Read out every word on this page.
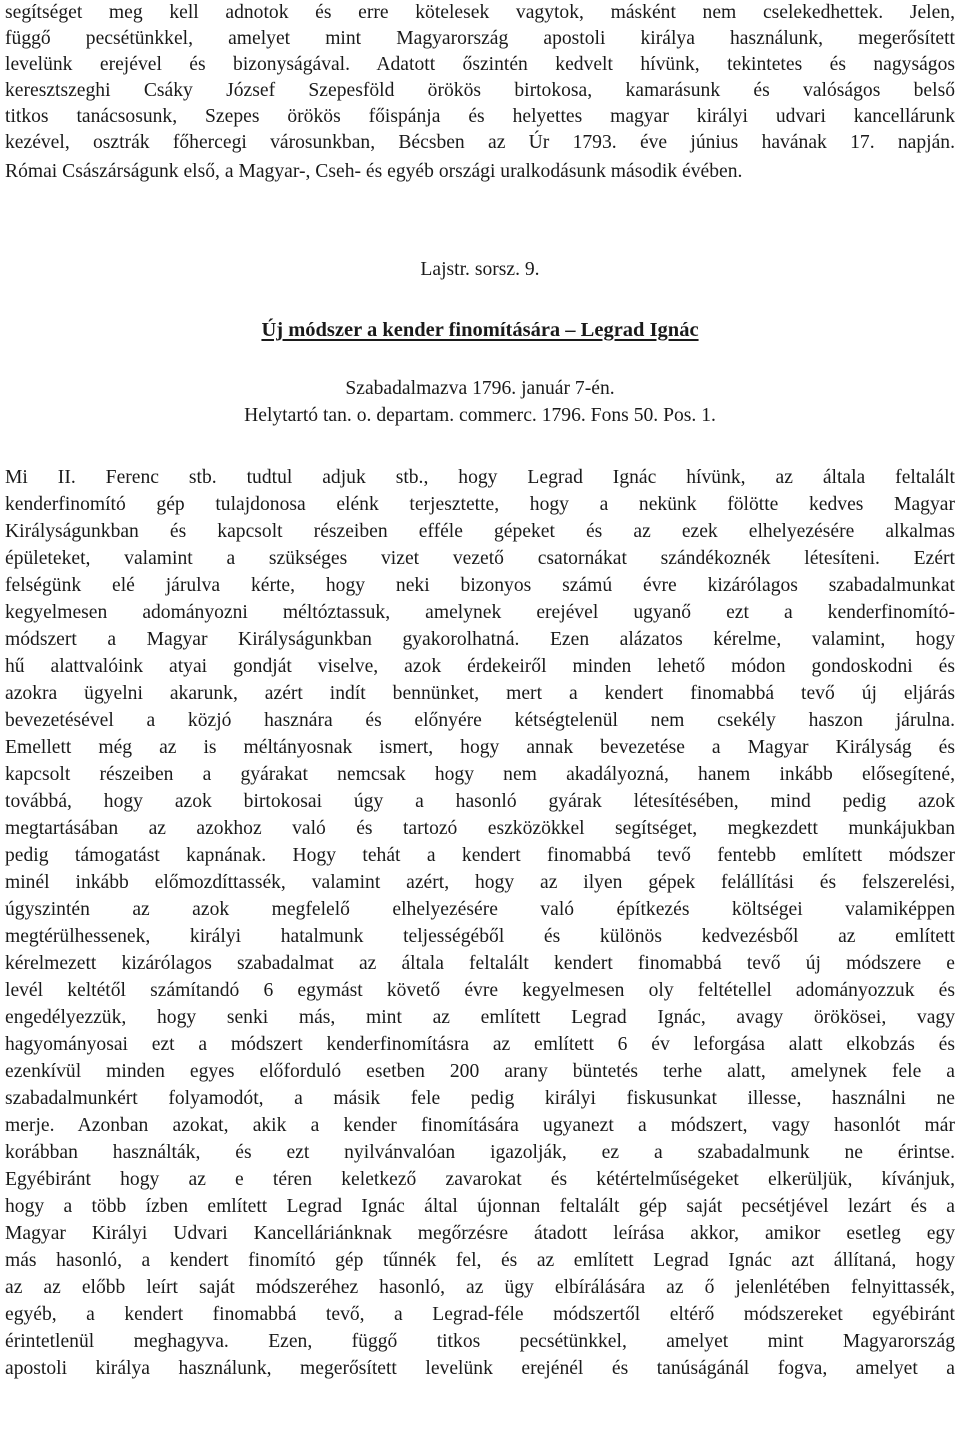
segítséget meg kell adnotok és erre kötelesek vagytok, másként nem cselekedhettek. Jelen,
függő pecsétünkkel, amelyet mint Magyarország apostoli királya használunk, megerősített
levelünk erejével és bizonyságával. Adatott őszintén kedvelt hívünk, tekintetes és nagyságos
keresztszeghi Csáky József Szepesföld örökös birtokosa, kamarásunk és valóságos belső
titkos tanácsosunk, Szepes örökös főispánja és helyettes magyar királyi udvari kancellárunk
kezével, osztrák főhercegi városunkban, Bécsben az Úr 1793. éve június havának 17. napján.
Római Császárságunk első, a Magyar-, Cseh- és egyéb országi uralkodásunk második évében.
Lajstr. sorsz. 9.
Új módszer a kender finomítására – Legrad Ignác
Szabadalmazva 1796. január 7-én.
Helytartó tan. o. departam. commerc. 1796. Fons 50. Pos. 1.
Mi II. Ferenc stb. tudtul adjuk stb., hogy Legrad Ignác hívünk, az általa feltalált
kenderfinomító gép tulajdonosa elénk terjesztette, hogy a nekünk fölötte kedves Magyar
Királyságunkban és kapcsolt részeiben efféle gépeket és az ezek elhelyezésére alkalmas
épületeket, valamint a szükséges vizet vezető csatornákat szándékoznék létesíteni. Ezért
felségünk elé járulva kérte, hogy neki bizonyos számú évre kizárólagos szabadalmunkat
kegyelmesen adományozni méltóztassuk, amelynek erejével ugyanő ezt a kenderfinomító-
módszert a Magyar Királyságunkban gyakorolhatná. Ezen alázatos kérelme, valamint, hogy
hű alattvalóink atyai gondját viselve, azok érdekeiről minden lehető módon gondoskodni és
azokra ügyelni akarunk, azért indít bennünket, mert a kendert finomabbá tevő új eljárás
bevezetésével a közjó hasznára és előnyére kétségtelenül nem csekély haszon járulna.
Emellett még az is méltányosnak ismert, hogy annak bevezetése a Magyar Királyság és
kapcsolt részeiben a gyárakat nemcsak hogy nem akadályozná, hanem inkább elősegítené,
továbbá, hogy azok birtokosai úgy a hasonló gyárak létesítésében, mind pedig azok
megtartásában az azokhoz való és tartozó eszközökkel segítséget, megkezdett munkájukban
pedig támogatást kapnának. Hogy tehát a kendert finomabbá tevő fentebb említett módszer
minél inkább előmozdíttassék, valamint azért, hogy az ilyen gépek felállítási és felszerelési,
úgyszintén az azok megfelelő elhelyezésére való építkezés költségei valamiképpen
megtérülhessenek, királyi hatalmunk teljességéből és különös kedvezésből az említett
kérelmezett kizárólagos szabadalmat az általa feltalált kendert finomabbá tevő új módszere e
levél keltétől számítandó 6 egymást követő évre kegyelmesen oly feltétellel adományozzuk és
engedélyezzük, hogy senki más, mint az említett Legrad Ignác, avagy örökösei, vagy
hagyományosai ezt a módszert kenderfinomításra az említett 6 év leforgása alatt elkobzás és
ezenkívül minden egyes előforduló esetben 200 arany büntetés terhe alatt, amelynek fele a
szabadalmunkért folyamodót, a másik fele pedig királyi fiskusunkat illesse, használni ne
merje. Azonban azokat, akik a kender finomítására ugyanezt a módszert, vagy hasonlót már
korábban használták, és ezt nyilvánvalóan igazolják, ez a szabadalmunk ne érintse.
Egyébiránt hogy az e téren keletkező zavarokat és kétértelműségeket elkerüljük, kívánjuk,
hogy a több ízben említett Legrad Ignác által újonnan feltalált gép saját pecsétjével lezárt és a
Magyar Királyi Udvari Kancelláriánknak megőrzésre átadott leírása akkor, amikor esetleg egy
más hasonló, a kendert finomító gép tűnnék fel, és az említett Legrad Ignác azt állítaná, hogy
az az előbb leírt saját módszeréhez hasonló, az ügy elbírálására az ő jelenlétében felnyittassék,
egyéb, a kendert finomabbá tevő, a Legrad-féle módszertől eltérő módszereket egyébiránt
érintetlenül meghagyva. Ezen, függő titkos pecsétünkkel, amelyet mint Magyarország
apostoli királya használunk, megerősített levelünk erejénél és tanúságánál fogva, amelyet a
